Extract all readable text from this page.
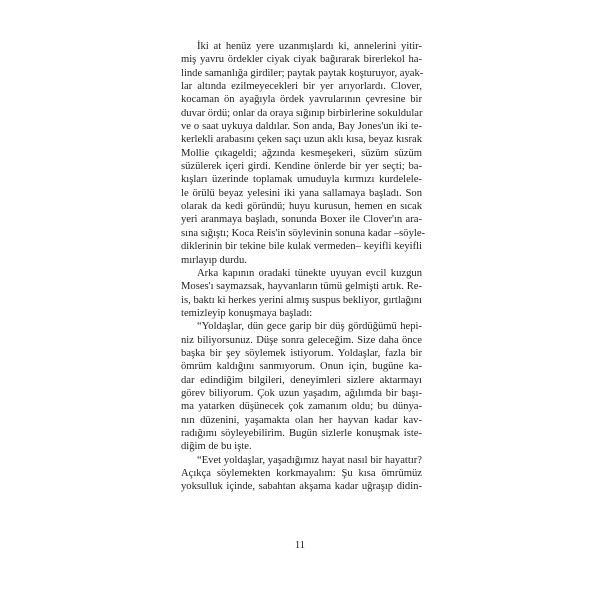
İki at henüz yere uzanmışlardı ki, annelerini yitir-
miş yavru ördekler ciyak ciyak bağırarak birerlekol ha-
linde samanlığa girdiler; paytak paytak koşturuyor, ayak-
lar altında ezilmeyecekleri bir yer arıyorlardı. Clover,
kocaman ön ayağıyla ördek yavrularının çevresine bir
duvar ördü; onlar da oraya sığınıp birbirlerine sokuldular
ve o saat uykuya daldılar. Son anda, Bay Jones'un iki te-
kerlekli arabasını çeken saçı uzun aklı kısa, beyaz kısrak
Mollie çıkageldi; ağzında kesmeşekeri, süzüm süzüm
süzülerek içeri girdi. Kendine önlerde bir yer seçti; ba-
kışları üzerinde toplamak umuduyla kırmızı kurdelele-
le örülü beyaz yelesini iki yana sallamaya başladı. Son
olarak da kedi göründü; huyu kurusun, hemen en sıcak
yeri aranmaya başladı, sonunda Boxer ile Clover'ın ara-
sına sığıştı; Koca Reis'in söylevinin sonuna kadar –söyle-
diklerinin bir tekine bile kulak vermeden– keyifli keyifli
mırlayıp durdu.
Arka kapının oradaki tünekte uyuyan evcil kuzgun
Moses'ı saymazsak, hayvanların tümü gelmişti artık. Re-
is, baktı ki herkes yerini almış suspus bekliyor, gırtlağını
temizleyip konuşmaya başladı:
“Yoldaşlar, dün gece garip bir düş gördüğümü hepi-
niz biliyorsunuz. Düşe sonra geleceğim. Size daha önce
başka bir şey söylemek istiyorum. Yoldaşlar, fazla bir
ömrüm kaldığını sanmıyorum. Onun için, bugüne ka-
dar edindiğim bilgileri, deneyimleri sizlere aktarmayı
görev biliyorum. Çok uzun yaşadım, ağılımda bir başı-
ma yatarken düşünecek çok zamanım oldu; bu dünya-
nın düzenini, yaşamakta olan her hayvan kadar kav-
radığımı söyleyebilirim. Bugün sizlerle konuşmak iste-
diğim de bu işte.
“Evet yoldaşlar, yaşadığımız hayat nasıl bir hayattır?
Açıkça söylemekten korkmayalım: Şu kısa ömrümüz
yoksulluk içinde, sabahtan akşama kadar uğraşıp didin-
11
